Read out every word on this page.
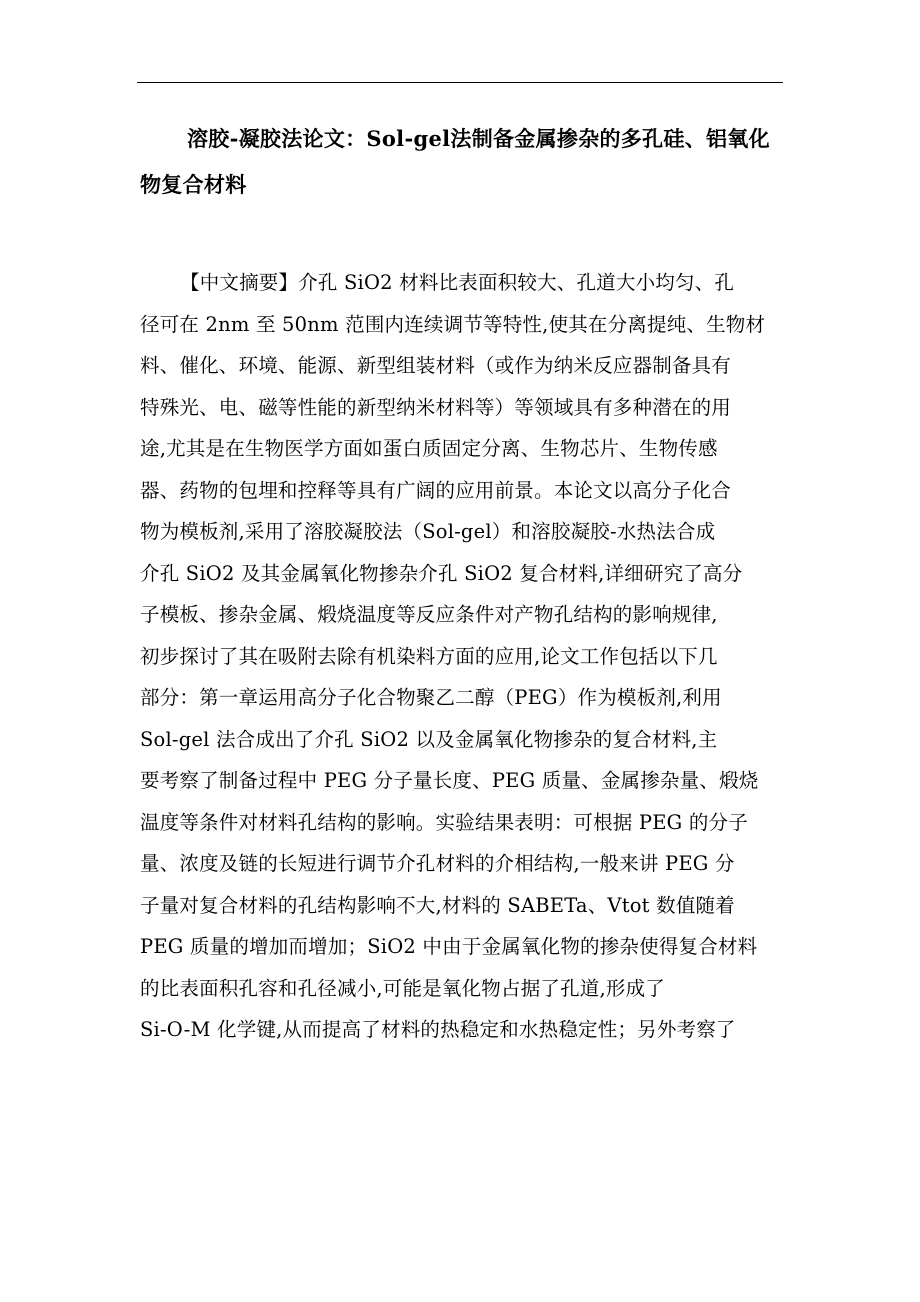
溶胶-凝胶法论文：Sol-gel法制备金属掺杂的多孔硅、铝氧化物复合材料
【中文摘要】介孔 SiO2 材料比表面积较大、孔道大小均匀、孔
径可在 2nm 至 50nm 范围内连续调节等特性,使其在分离提纯、生物材
料、催化、环境、能源、新型组装材料（或作为纳米反应器制备具有
特殊光、电、磁等性能的新型纳米材料等）等领域具有多种潜在的用
途,尤其是在生物医学方面如蛋白质固定分离、生物芯片、生物传感
器、药物的包埋和控释等具有广阔的应用前景。本论文以高分子化合
物为模板剂,采用了溶胶凝胶法（Sol-gel）和溶胶凝胶-水热法合成
介孔 SiO2 及其金属氧化物掺杂介孔 SiO2 复合材料,详细研究了高分
子模板、掺杂金属、煅烧温度等反应条件对产物孔结构的影响规律,
初步探讨了其在吸附去除有机染料方面的应用,论文工作包括以下几
部分：第一章运用高分子化合物聚乙二醇（PEG）作为模板剂,利用
Sol-gel 法合成出了介孔 SiO2 以及金属氧化物掺杂的复合材料,主
要考察了制备过程中 PEG 分子量长度、PEG 质量、金属掺杂量、煅烧
温度等条件对材料孔结构的影响。实验结果表明：可根据 PEG 的分子
量、浓度及链的长短进行调节介孔材料的介相结构,一般来讲 PEG 分
子量对复合材料的孔结构影响不大,材料的 SABETa、Vtot 数值随着
PEG 质量的增加而增加；SiO2 中由于金属氧化物的掺杂使得复合材料
的比表面积孔容和孔径减小,可能是氧化物占据了孔道,形成了
Si-O-M 化学键,从而提高了材料的热稳定和水热稳定性；另外考察了
